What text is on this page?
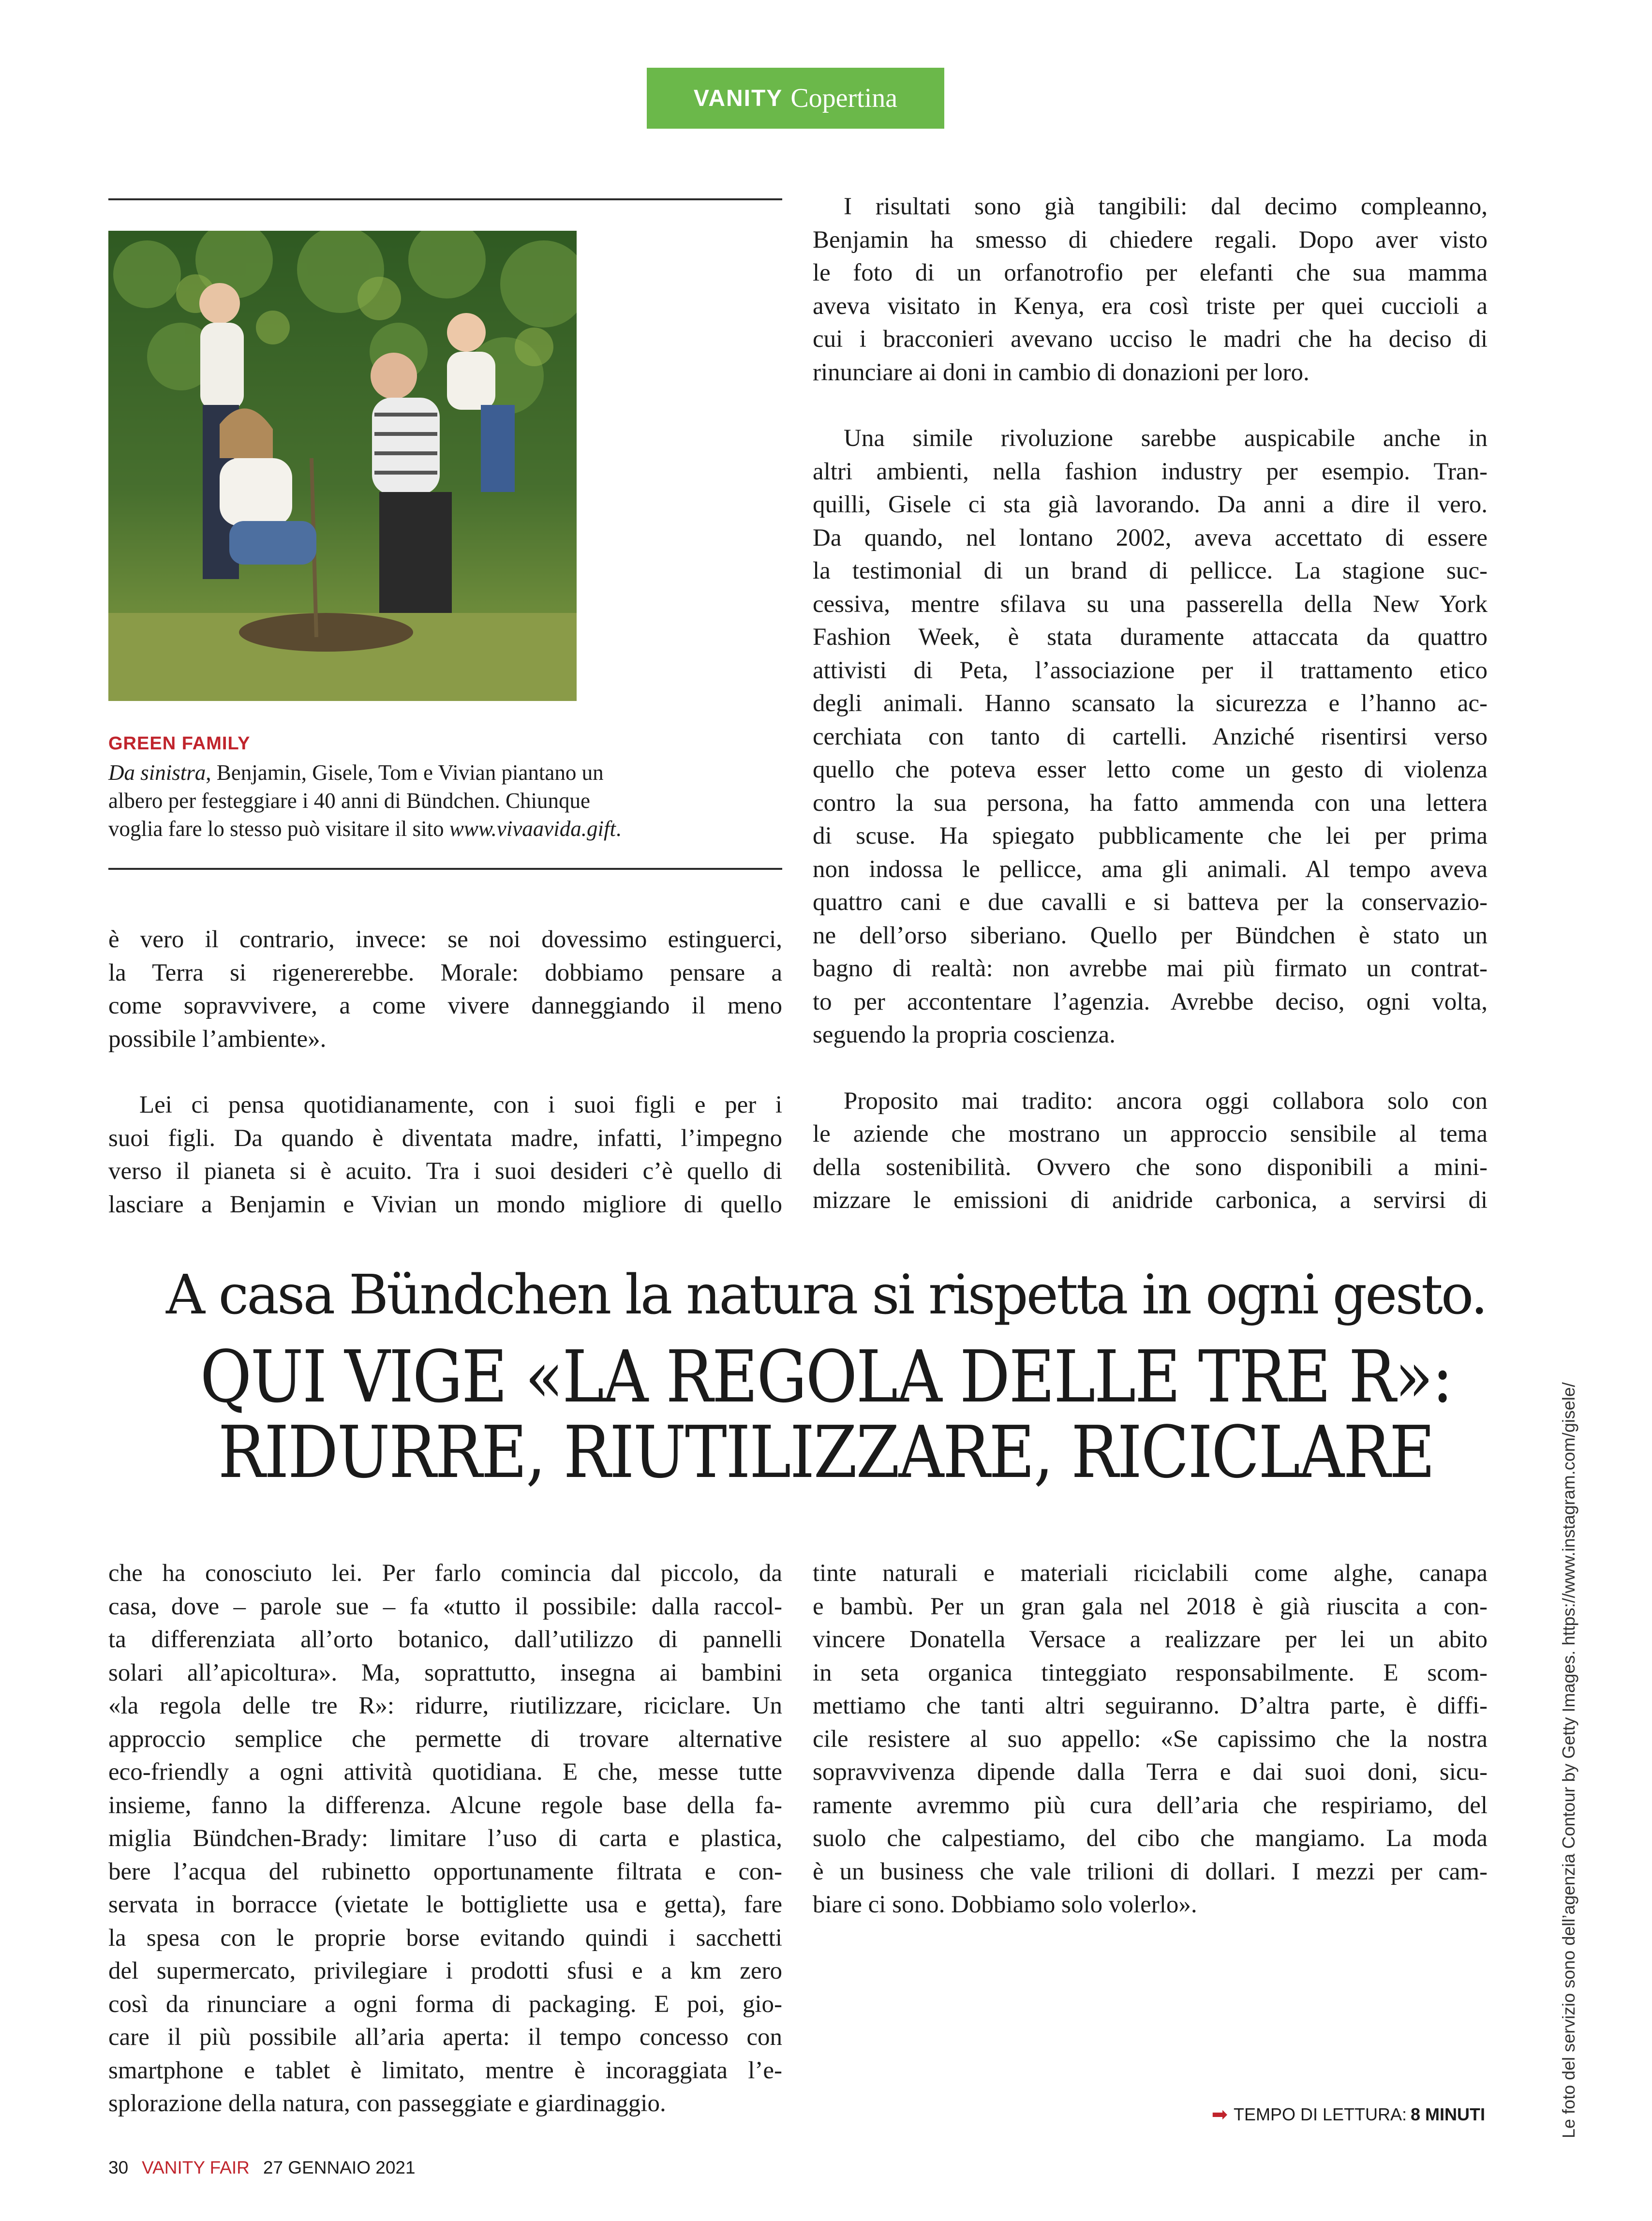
VANITY Copertina
GREEN FAMILY

Da sinistra, Benjamin, Gisele, Tom e Vivian piantano un

albero per festeggiare i 40 anni di Bündchen. Chiunque

voglia fare lo stesso può visitare il sito www.vivaavida.gift.

è vero il contrario, invece: se noi dovessimo estinguerci,

la Terra si rigenererebbe. Morale: dobbiamo pensare a

come sopravvivere, a come vivere danneggiando il meno

possibile l’ambiente».

Lei ci pensa quotidianamente, con i suoi figli e per i

suoi figli. Da quando è diventata madre, infatti, l’impegno

verso il pianeta si è acuito. Tra i suoi desideri c’è quello di

lasciare a Benjamin e Vivian un mondo migliore di quello

I risultati sono già tangibili: dal decimo compleanno,

Benjamin ha smesso di chiedere regali. Dopo aver visto

le foto di un orfanotrofio per elefanti che sua mamma

aveva visitato in Kenya, era così triste per quei cuccioli a

cui i bracconieri avevano ucciso le madri che ha deciso di

rinunciare ai doni in cambio di donazioni per loro.

Una simile rivoluzione sarebbe auspicabile anche in

altri ambienti, nella fashion industry per esempio. Tran-

quilli, Gisele ci sta già lavorando. Da anni a dire il vero.

Da quando, nel lontano 2002, aveva accettato di essere

la testimonial di un brand di pellicce. La stagione suc-

cessiva, mentre sfilava su una passerella della New York

Fashion Week, è stata duramente attaccata da quattro

attivisti di Peta, l’associazione per il trattamento etico

degli animali. Hanno scansato la sicurezza e l’hanno ac-

cerchiata con tanto di cartelli. Anziché risentirsi verso

quello che poteva esser letto come un gesto di violenza

contro la sua persona, ha fatto ammenda con una lettera

di scuse. Ha spiegato pubblicamente che lei per prima

non indossa le pellicce, ama gli animali. Al tempo aveva

quattro cani e due cavalli e si batteva per la conservazio-

ne dell’orso siberiano. Quello per Bündchen è stato un

bagno di realtà: non avrebbe mai più firmato un contrat-

to per accontentare l’agenzia. Avrebbe deciso, ogni volta,

seguendo la propria coscienza.

Proposito mai tradito: ancora oggi collabora solo con

le aziende che mostrano un approccio sensibile al tema

della sostenibilità. Ovvero che sono disponibili a mini-

mizzare le emissioni di anidride carbonica, a servirsi di

A casa Bündchen la natura si rispetta in ogni gesto.
QUI VIGE «LA REGOLA DELLE TRE R»:
RIDURRE, RIUTILIZZARE, RICICLARE

che ha conosciuto lei. Per farlo comincia dal piccolo, da

casa, dove – parole sue – fa «tutto il possibile: dalla raccol-

ta differenziata all’orto botanico, dall’utilizzo di pannelli

solari all’apicoltura». Ma, soprattutto, insegna ai bambini

«la regola delle tre R»: ridurre, riutilizzare, riciclare. Un

approccio semplice che permette di trovare alternative

eco-friendly a ogni attività quotidiana. E che, messe tutte

insieme, fanno la differenza. Alcune regole base della fa-

miglia Bündchen-Brady: limitare l’uso di carta e plastica,

bere l’acqua del rubinetto opportunamente filtrata e con-

servata in borracce (vietate le bottigliette usa e getta), fare

la spesa con le proprie borse evitando quindi i sacchetti

del supermercato, privilegiare i prodotti sfusi e a km zero

così da rinunciare a ogni forma di packaging. E poi, gio-

care il più possibile all’aria aperta: il tempo concesso con

smartphone e tablet è limitato, mentre è incoraggiata l’e-

splorazione della natura, con passeggiate e giardinaggio.

tinte naturali e materiali riciclabili come alghe, canapa

e bambù. Per un gran gala nel 2018 è già riuscita a con-

vincere Donatella Versace a realizzare per lei un abito

in seta organica tinteggiato responsabilmente. E scom-

mettiamo che tanti altri seguiranno. D’altra parte, è diffi-

cile resistere al suo appello: «Se capissimo che la nostra

sopravvivenza dipende dalla Terra e dai suoi doni, sicu-

ramente avremmo più cura dell’aria che respiriamo, del

suolo che calpestiamo, del cibo che mangiamo. La moda

è un business che vale trilioni di dollari. I mezzi per cam-

biare ci sono. Dobbiamo solo volerlo».	Le foto del servizio sono dell’agenzia Contour by Getty Images. https://www.instagram.com/gisele/
➡ TEMPO DI LETTURA: 8 MINUTI
30 VANITY FAIR 27 GENNAIO 2021
